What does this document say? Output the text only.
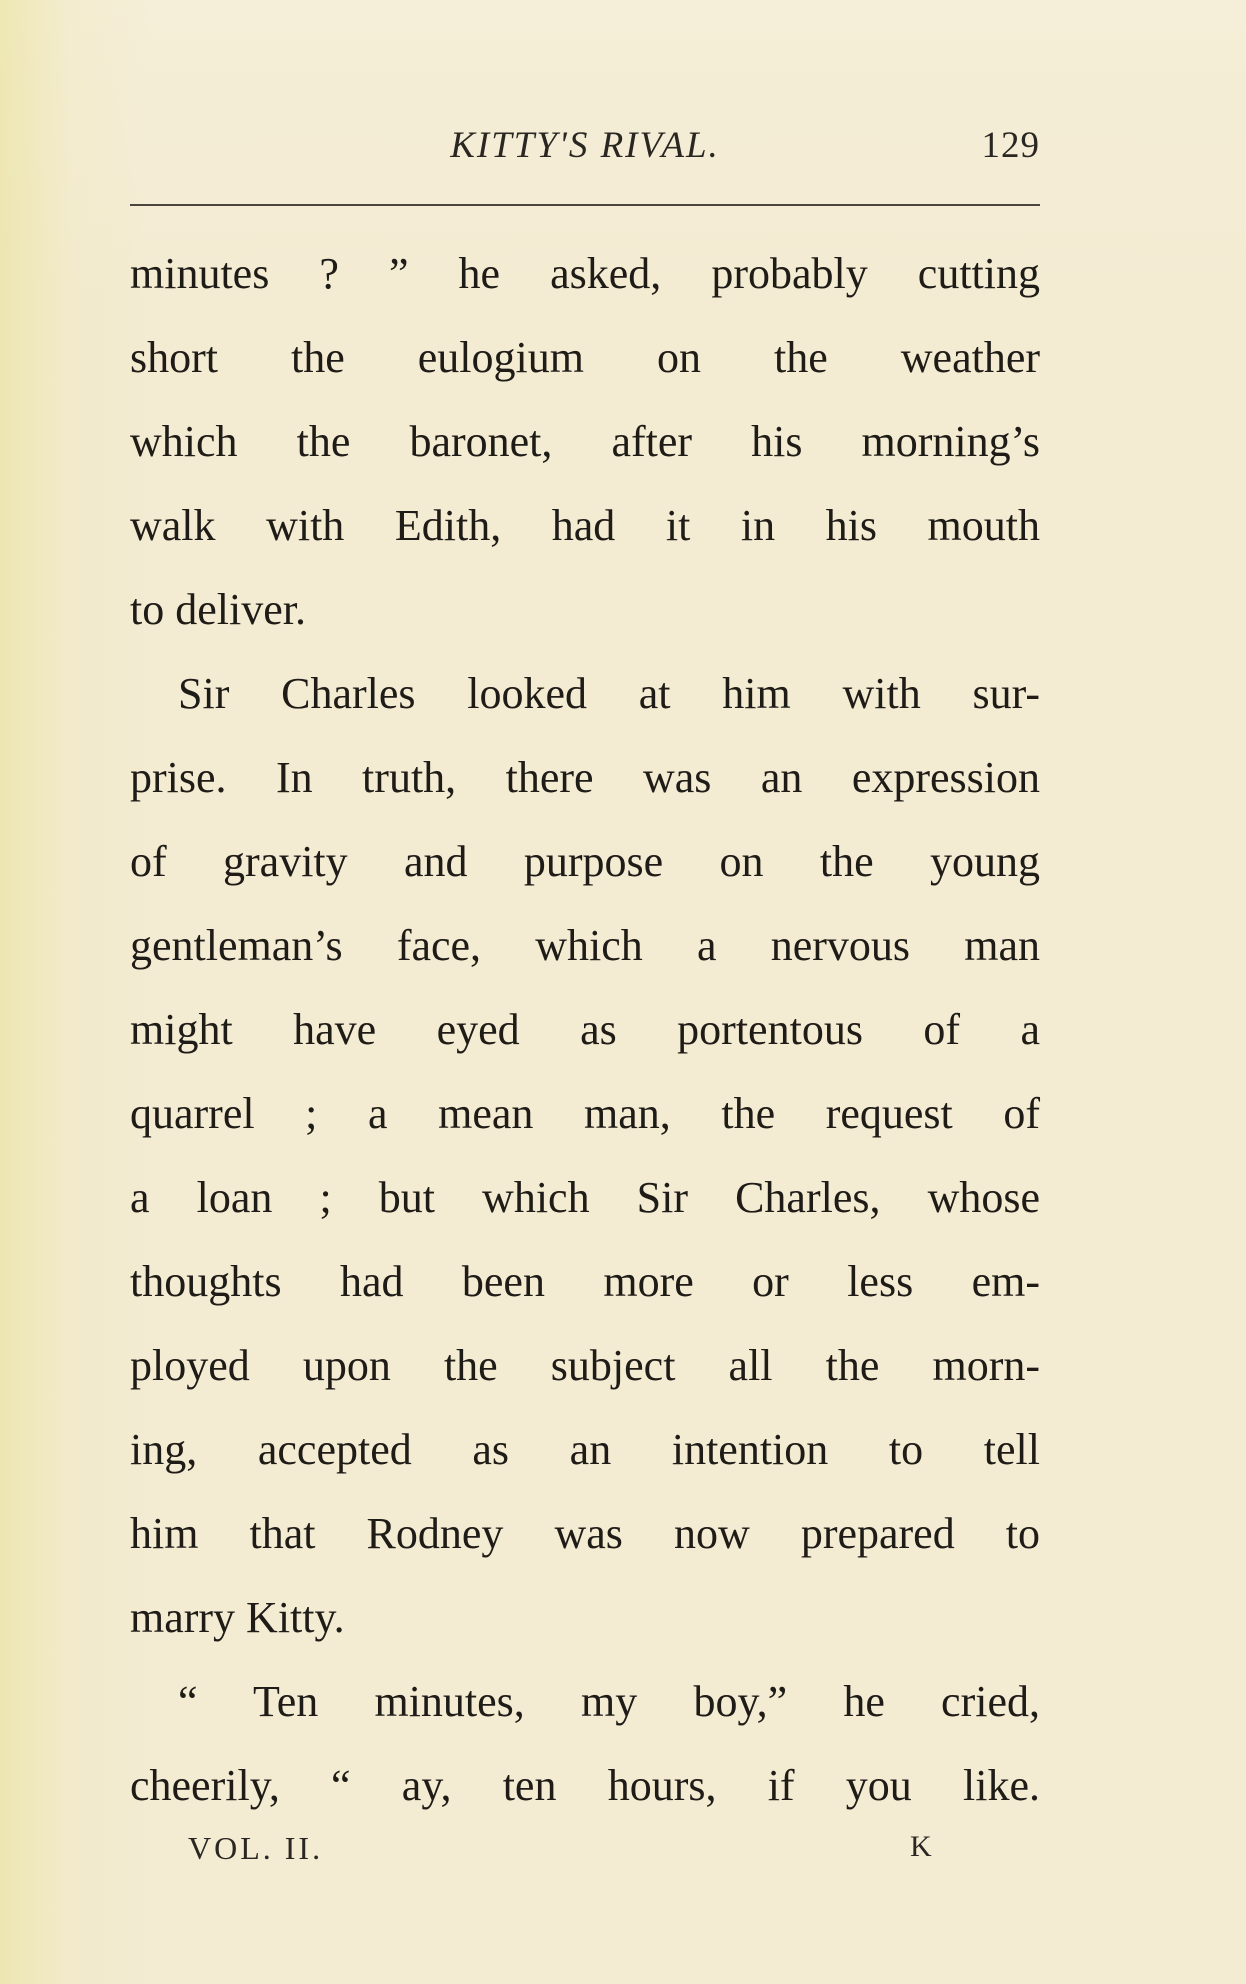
KITTY'S RIVAL.	129
minutes ? ” he asked, probably cutting
short the eulogium on the weather
which the baronet, after his morning’s
walk with Edith, had it in his mouth
to deliver.
Sir Charles looked at him with sur-
prise. In truth, there was an expression
of gravity and purpose on the young
gentleman’s face, which a nervous man
might have eyed as portentous of a
quarrel ; a mean man, the request of
a loan ; but which Sir Charles, whose
thoughts had been more or less em-
ployed upon the subject all the morn-
ing, accepted as an intention to tell
him that Rodney was now prepared to
marry Kitty.
“ Ten minutes, my boy,” he cried,
cheerily, “ ay, ten hours, if you like.
VOL. II.	K
